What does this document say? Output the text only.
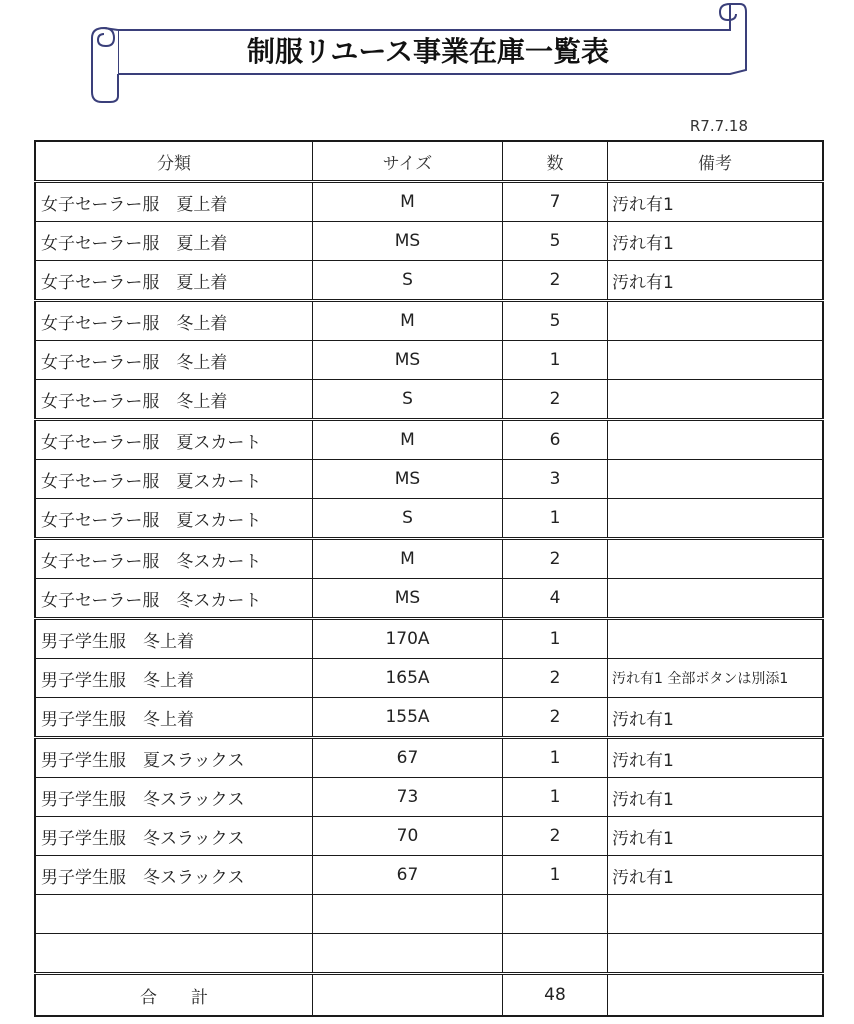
制服リユース事業在庫一覧表
R7.7.18
分類	サイズ	数	備考
女子セーラー服　夏上着	M	7	汚れ有1
女子セーラー服　夏上着	MS	5	汚れ有1
女子セーラー服　夏上着	S	2	汚れ有1
女子セーラー服　冬上着	M	5	
女子セーラー服　冬上着	MS	1	
女子セーラー服　冬上着	S	2	
女子セーラー服　夏スカート	M	6	
女子セーラー服　夏スカート	MS	3	
女子セーラー服　夏スカート	S	1	
女子セーラー服　冬スカート	M	2	
女子セーラー服　冬スカート	MS	4	
男子学生服　冬上着	170A	1	
男子学生服　冬上着	165A	2	汚れ有1 全部ボタンは別添1
男子学生服　冬上着	155A	2	汚れ有1
男子学生服　夏スラックス	67	1	汚れ有1
男子学生服　冬スラックス	73	1	汚れ有1
男子学生服　冬スラックス	70	2	汚れ有1
男子学生服　冬スラックス	67	1	汚れ有1

合　　計		48	
